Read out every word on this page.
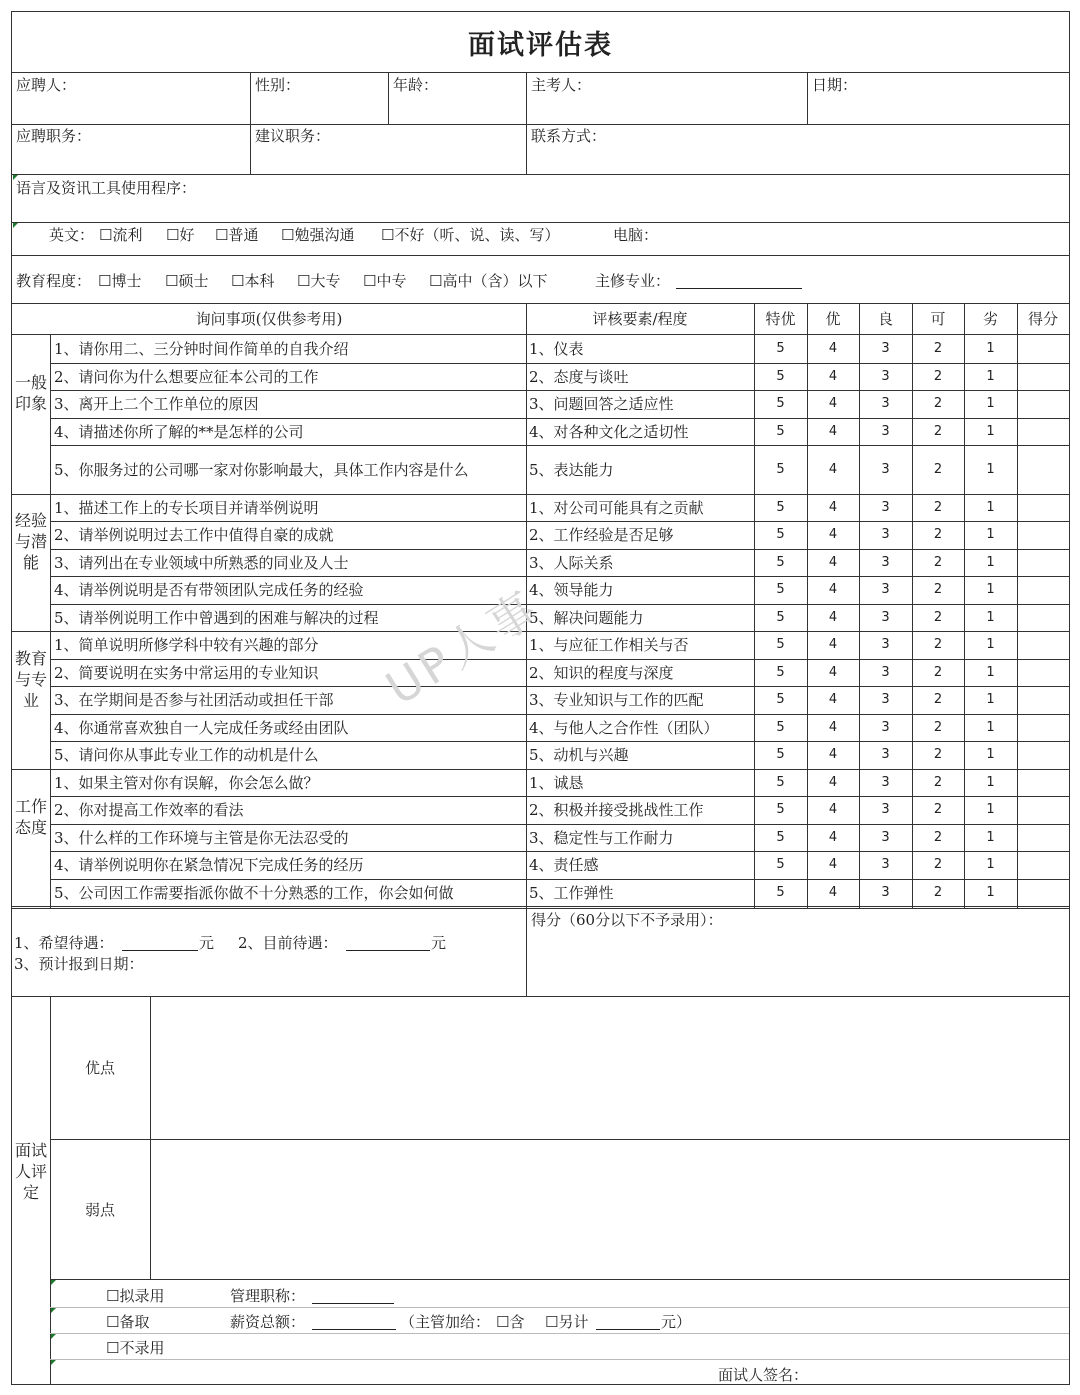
面试评估表
应聘人：	性别：	年龄：	主考人：	日期：
应聘职务：	建议职务：	联系方式：
语言及资讯工具使用程序：
英文： ☐流利 ☐好 ☐普通 ☐勉强沟通 ☐不好（听、说、读、写）	电脑：
教育程度： ☐博士 ☐硕士 ☐本科 ☐大专 ☐中专 ☐高中（含）以下	主修专业：
询问事项(仅供参考用)	评核要素/程度	特优	优	良	可	劣	得分
一般印象
1、请你用二、三分钟时间作简单的自我介绍	1、仪表	5	4	3	2	1
2、请问你为什么想要应征本公司的工作	2、态度与谈吐	5	4	3	2	1
3、离开上二个工作单位的原因	3、问题回答之适应性	5	4	3	2	1
4、请描述你所了解的**是怎样的公司	4、对各种文化之适切性	5	4	3	2	1
5、你服务过的公司哪一家对你影响最大，具体工作内容是什么	5、表达能力	5	4	3	2	1
经验与潜能
1、描述工作上的专长项目并请举例说明	1、对公司可能具有之贡献	5	4	3	2	1
2、请举例说明过去工作中值得自豪的成就	2、工作经验是否足够	5	4	3	2	1
3、请列出在专业领域中所熟悉的同业及人士	3、人际关系	5	4	3	2	1
4、请举例说明是否有带领团队完成任务的经验	4、领导能力	5	4	3	2	1
5、请举例说明工作中曾遇到的困难与解决的过程	5、解决问题能力	5	4	3	2	1
教育与专业
1、简单说明所修学科中较有兴趣的部分	1、与应征工作相关与否	5	4	3	2	1
2、简要说明在实务中常运用的专业知识	2、知识的程度与深度	5	4	3	2	1
3、在学期间是否参与社团活动或担任干部	3、专业知识与工作的匹配	5	4	3	2	1
4、你通常喜欢独自一人完成任务或经由团队	4、与他人之合作性（团队）	5	4	3	2	1
5、请问你从事此专业工作的动机是什么	5、动机与兴趣	5	4	3	2	1
工作态度
1、如果主管对你有误解，你会怎么做？	1、诚恳	5	4	3	2	1
2、你对提高工作效率的看法	2、积极并接受挑战性工作	5	4	3	2	1
3、什么样的工作环境与主管是你无法忍受的	3、稳定性与工作耐力	5	4	3	2	1
4、请举例说明你在紧急情况下完成任务的经历	4、责任感	5	4	3	2	1
5、公司因工作需要指派你做不十分熟悉的工作，你会如何做	5、工作弹性	5	4	3	2	1
1、希望待遇：	元 2、目前待遇：	元
3、预计报到日期：
得分（60分以下不予录用）：
面试人评定
优点
弱点
☐拟录用	管理职称：
☐备取	薪资总额：	（主管加给： ☐含 ☐另计	元）
☐不录用
面试人签名：
UP人事
